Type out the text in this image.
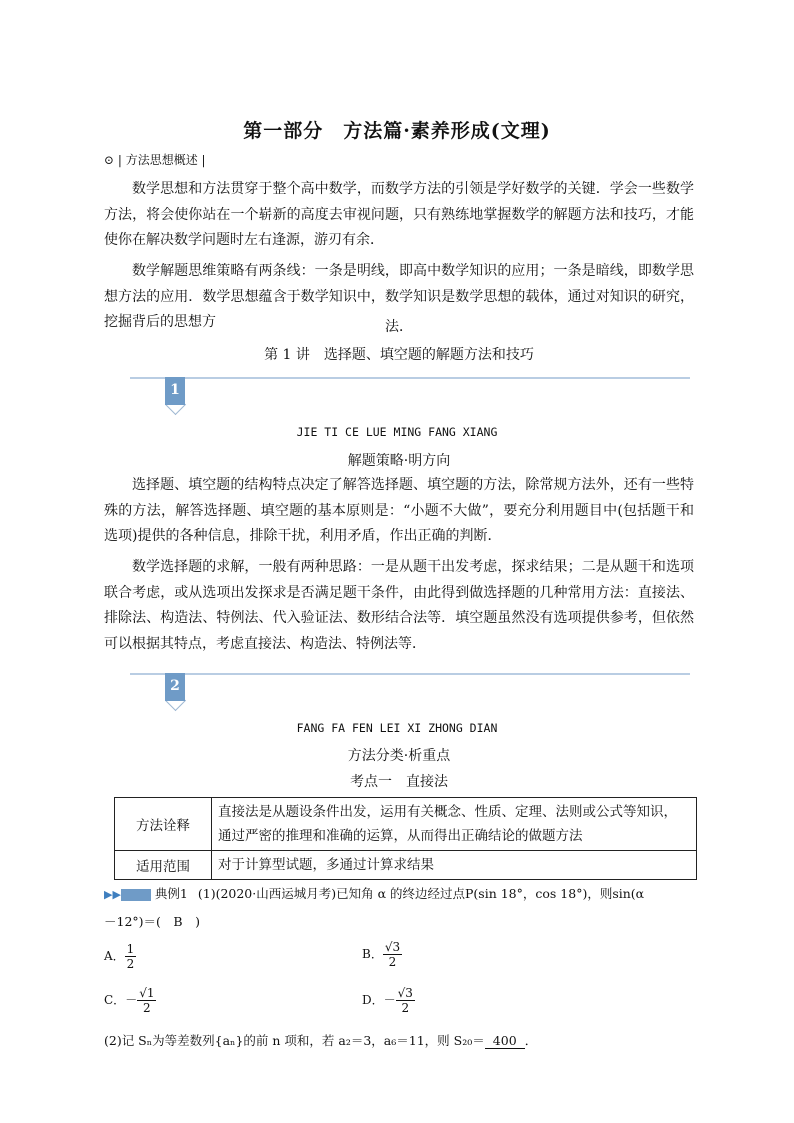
第一部分　方法篇·素养形成(文理)
⊙ | 方法思想概述 |
数学思想和方法贯穿于整个高中数学，而数学方法的引领是学好数学的关键．学会一些数学方法，将会使你站在一个崭新的高度去审视问题，只有熟练地掌握数学的解题方法和技巧，才能使你在解决数学问题时左右逢源，游刃有余．
数学解题思维策略有两条线：一条是明线，即高中数学知识的应用；一条是暗线，即数学思想方法的应用．数学思想蕴含于数学知识中，数学知识是数学思想的载体，通过对知识的研究，挖掘背后的思想方	法．
第 1 讲　选择题、填空题的解题方法和技巧
1
JIE TI CE LUE MING FANG XIANG
解题策略·明方向
选择题、填空题的结构特点决定了解答选择题、填空题的方法，除常规方法外，还有一些特殊的方法，解答选择题、填空题的基本原则是：“小题不大做”，要充分利用题目中(包括题干和选项)提供的各种信息，排除干扰，利用矛盾，作出正确的判断．
数学选择题的求解，一般有两种思路：一是从题干出发考虑，探求结果；二是从题干和选项联合考虑，或从选项出发探求是否满足题干条件，由此得到做选择题的几种常用方法：直接法、排除法、构造法、特例法、代入验证法、数形结合法等．填空题虽然没有选项提供参考，但依然可以根据其特点，考虑直接法、构造法、特例法等．
2
FANG FA FEN LEI XI ZHONG DIAN
方法分类·析重点
考点一　直接法
方法诠释	直接法是从题设条件出发，运用有关概念、性质、定理、法则或公式等知识，通过严密的推理和准确的运算，从而得出正确结论的做题方法
适用范围	对于计算型试题，多通过计算求结果
▶▶	典例1 (1)(2020·山西运城月考)已知角 α 的终边经过点P(sin 18°，cos 18°)，则sin(α
－12°)＝(　B　)
A． $\frac{1}{2}$	B． $\frac{√3}{2}$
C．－ $\frac{√1}{2}$	D．－ $\frac{√3}{2}$
(2)记 Sₙ为等差数列{aₙ}的前 n 项和，若 a₂＝3，a₆＝11，则 S₂₀＝ 400 ．
